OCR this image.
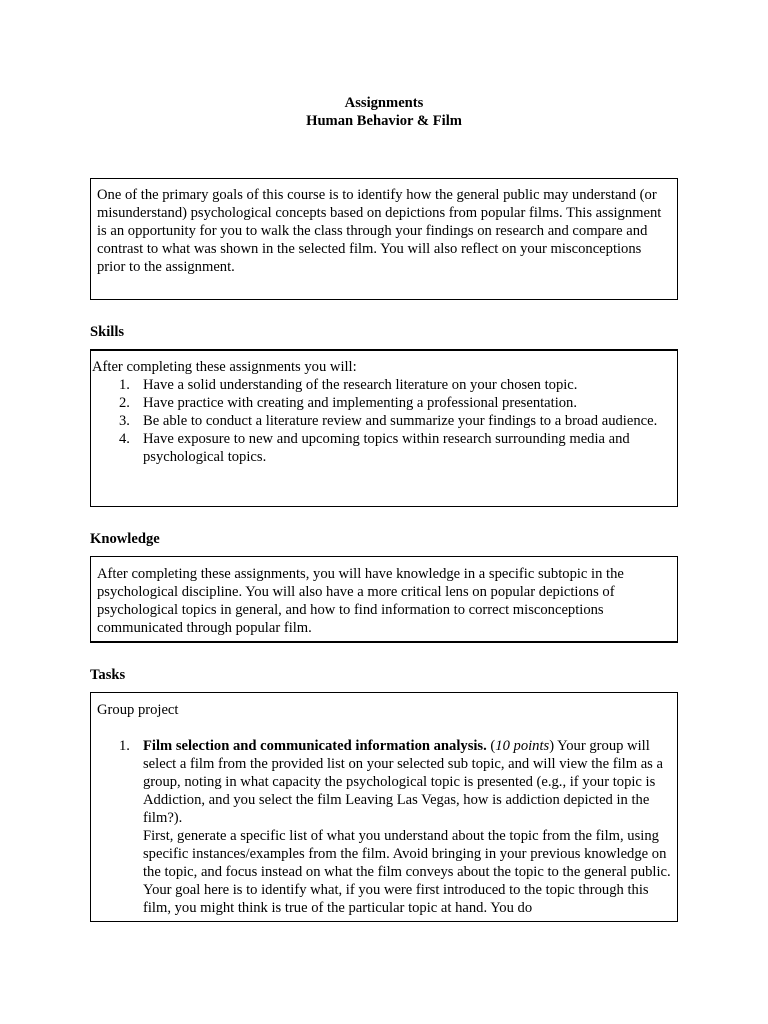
Assignments
Human Behavior & Film
One of the primary goals of this course is to identify how the general public may understand (or misunderstand) psychological concepts based on depictions from popular films. This assignment is an opportunity for you to walk the class through your findings on research and compare and contrast to what was shown in the selected film. You will also reflect on your misconceptions prior to the assignment.
Skills
After completing these assignments you will:
1. Have a solid understanding of the research literature on your chosen topic.
2. Have practice with creating and implementing a professional presentation.
3. Be able to conduct a literature review and summarize your findings to a broad audience.
4. Have exposure to new and upcoming topics within research surrounding media and psychological topics.
Knowledge
After completing these assignments, you will have knowledge in a specific subtopic in the psychological discipline. You will also have a more critical lens on popular depictions of psychological topics in general, and how to find information to correct misconceptions communicated through popular film.
Tasks
Group project
1. Film selection and communicated information analysis. (10 points) Your group will select a film from the provided list on your selected sub topic, and will view the film as a group, noting in what capacity the psychological topic is presented (e.g., if your topic is Addiction, and you select the film Leaving Las Vegas, how is addiction depicted in the film?).
First, generate a specific list of what you understand about the topic from the film, using specific instances/examples from the film. Avoid bringing in your previous knowledge on the topic, and focus instead on what the film conveys about the topic to the general public. Your goal here is to identify what, if you were first introduced to the topic through this film, you might think is true of the particular topic at hand. You do
